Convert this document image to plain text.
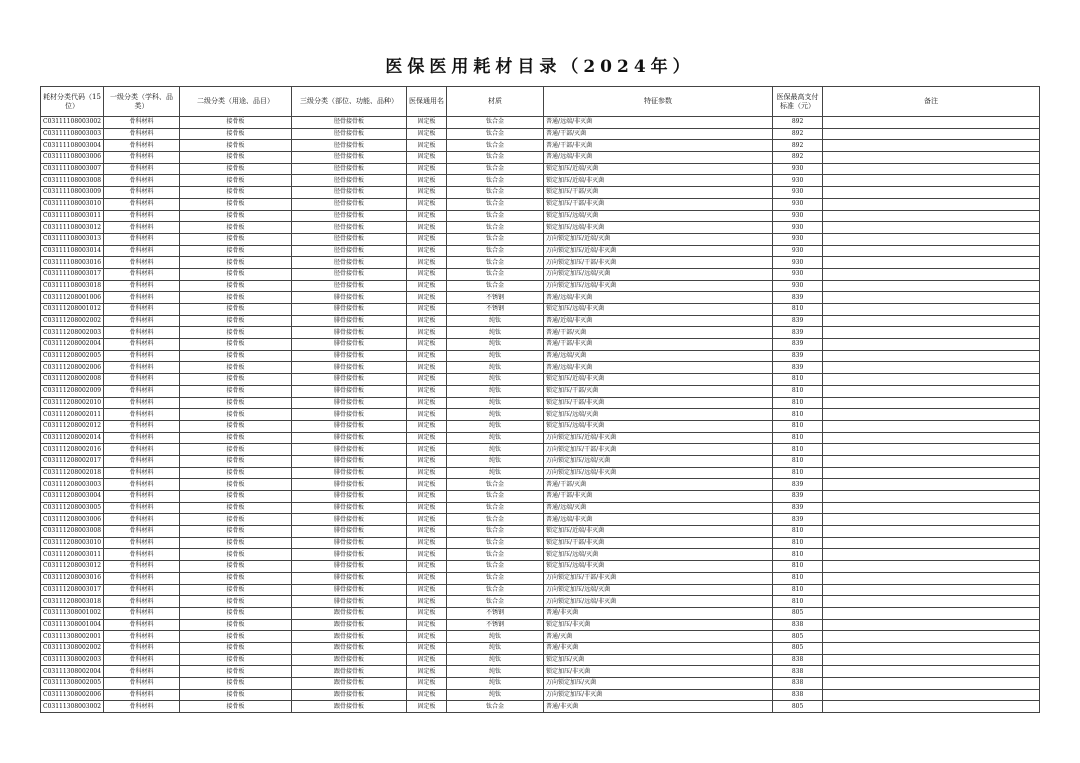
医保医用耗材目录（2024年）
耗材分类代码（15位）	一级分类（学科、品类）	二级分类（用途、品目）	三级分类（部位、功能、品种）	医保通用名	材质	特征参数	医保最高支付标准（元）	备注
C03111108003002	骨科材料	接骨板	胫骨接骨板	固定板	钛合金	普通/远端/非灭菌	892	
C03111108003003	骨科材料	接骨板	胫骨接骨板	固定板	钛合金	普通/干部/灭菌	892	
C03111108003004	骨科材料	接骨板	胫骨接骨板	固定板	钛合金	普通/干部/非灭菌	892	
C03111108003006	骨科材料	接骨板	胫骨接骨板	固定板	钛合金	普通/远端/非灭菌	892	
C03111108003007	骨科材料	接骨板	胫骨接骨板	固定板	钛合金	锁定加压/近端/灭菌	930	
C03111108003008	骨科材料	接骨板	胫骨接骨板	固定板	钛合金	锁定加压/近端/非灭菌	930	
C03111108003009	骨科材料	接骨板	胫骨接骨板	固定板	钛合金	锁定加压/干部/灭菌	930	
C03111108003010	骨科材料	接骨板	胫骨接骨板	固定板	钛合金	锁定加压/干部/非灭菌	930	
C03111108003011	骨科材料	接骨板	胫骨接骨板	固定板	钛合金	锁定加压/远端/灭菌	930	
C03111108003012	骨科材料	接骨板	胫骨接骨板	固定板	钛合金	锁定加压/远端/非灭菌	930	
C03111108003013	骨科材料	接骨板	胫骨接骨板	固定板	钛合金	万向锁定加压/近端/灭菌	930	
C03111108003014	骨科材料	接骨板	胫骨接骨板	固定板	钛合金	万向锁定加压/近端/非灭菌	930	
C03111108003016	骨科材料	接骨板	胫骨接骨板	固定板	钛合金	万向锁定加压/干部/非灭菌	930	
C03111108003017	骨科材料	接骨板	胫骨接骨板	固定板	钛合金	万向锁定加压/远端/灭菌	930	
C03111108003018	骨科材料	接骨板	胫骨接骨板	固定板	钛合金	万向锁定加压/远端/非灭菌	930	
C03111208001006	骨科材料	接骨板	腓骨接骨板	固定板	不锈钢	普通/远端/非灭菌	839	
C03111208001012	骨科材料	接骨板	腓骨接骨板	固定板	不锈钢	锁定加压/远端/非灭菌	810	
C03111208002002	骨科材料	接骨板	腓骨接骨板	固定板	纯钛	普通/近端/非灭菌	839	
C03111208002003	骨科材料	接骨板	腓骨接骨板	固定板	纯钛	普通/干部/灭菌	839	
C03111208002004	骨科材料	接骨板	腓骨接骨板	固定板	纯钛	普通/干部/非灭菌	839	
C03111208002005	骨科材料	接骨板	腓骨接骨板	固定板	纯钛	普通/远端/灭菌	839	
C03111208002006	骨科材料	接骨板	腓骨接骨板	固定板	纯钛	普通/远端/非灭菌	839	
C03111208002008	骨科材料	接骨板	腓骨接骨板	固定板	纯钛	锁定加压/近端/非灭菌	810	
C03111208002009	骨科材料	接骨板	腓骨接骨板	固定板	纯钛	锁定加压/干部/灭菌	810	
C03111208002010	骨科材料	接骨板	腓骨接骨板	固定板	纯钛	锁定加压/干部/非灭菌	810	
C03111208002011	骨科材料	接骨板	腓骨接骨板	固定板	纯钛	锁定加压/远端/灭菌	810	
C03111208002012	骨科材料	接骨板	腓骨接骨板	固定板	纯钛	锁定加压/远端/非灭菌	810	
C03111208002014	骨科材料	接骨板	腓骨接骨板	固定板	纯钛	万向锁定加压/近端/非灭菌	810	
C03111208002016	骨科材料	接骨板	腓骨接骨板	固定板	纯钛	万向锁定加压/干部/非灭菌	810	
C03111208002017	骨科材料	接骨板	腓骨接骨板	固定板	纯钛	万向锁定加压/远端/灭菌	810	
C03111208002018	骨科材料	接骨板	腓骨接骨板	固定板	纯钛	万向锁定加压/远端/非灭菌	810	
C03111208003003	骨科材料	接骨板	腓骨接骨板	固定板	钛合金	普通/干部/灭菌	839	
C03111208003004	骨科材料	接骨板	腓骨接骨板	固定板	钛合金	普通/干部/非灭菌	839	
C03111208003005	骨科材料	接骨板	腓骨接骨板	固定板	钛合金	普通/远端/灭菌	839	
C03111208003006	骨科材料	接骨板	腓骨接骨板	固定板	钛合金	普通/远端/非灭菌	839	
C03111208003008	骨科材料	接骨板	腓骨接骨板	固定板	钛合金	锁定加压/近端/非灭菌	810	
C03111208003010	骨科材料	接骨板	腓骨接骨板	固定板	钛合金	锁定加压/干部/非灭菌	810	
C03111208003011	骨科材料	接骨板	腓骨接骨板	固定板	钛合金	锁定加压/远端/灭菌	810	
C03111208003012	骨科材料	接骨板	腓骨接骨板	固定板	钛合金	锁定加压/远端/非灭菌	810	
C03111208003016	骨科材料	接骨板	腓骨接骨板	固定板	钛合金	万向锁定加压/干部/非灭菌	810	
C03111208003017	骨科材料	接骨板	腓骨接骨板	固定板	钛合金	万向锁定加压/远端/灭菌	810	
C03111208003018	骨科材料	接骨板	腓骨接骨板	固定板	钛合金	万向锁定加压/远端/非灭菌	810	
C03111308001002	骨科材料	接骨板	跟骨接骨板	固定板	不锈钢	普通/非灭菌	805	
C03111308001004	骨科材料	接骨板	跟骨接骨板	固定板	不锈钢	锁定加压/非灭菌	838	
C03111308002001	骨科材料	接骨板	跟骨接骨板	固定板	纯钛	普通/灭菌	805	
C03111308002002	骨科材料	接骨板	跟骨接骨板	固定板	纯钛	普通/非灭菌	805	
C03111308002003	骨科材料	接骨板	跟骨接骨板	固定板	纯钛	锁定加压/灭菌	838	
C03111308002004	骨科材料	接骨板	跟骨接骨板	固定板	纯钛	锁定加压/非灭菌	838	
C03111308002005	骨科材料	接骨板	跟骨接骨板	固定板	纯钛	万向锁定加压/灭菌	838	
C03111308002006	骨科材料	接骨板	跟骨接骨板	固定板	纯钛	万向锁定加压/非灭菌	838	
C03111308003002	骨科材料	接骨板	跟骨接骨板	固定板	钛合金	普通/非灭菌	805	
